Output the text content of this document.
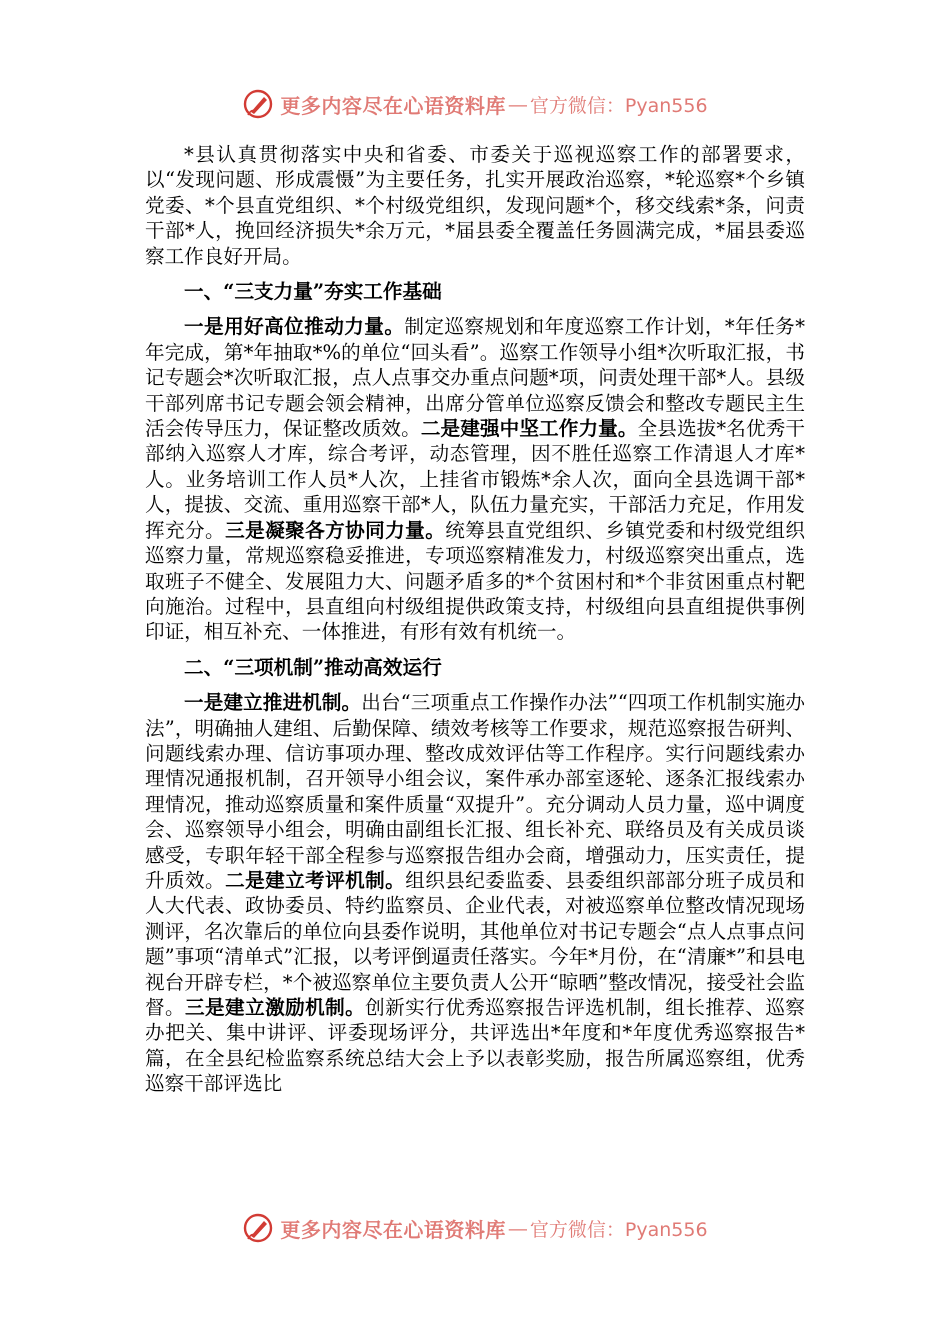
更多内容尽在心语资料库 — 官方微信：Pyan556

*县认真贯彻落实中央和省委、市委关于巡视巡察工作的部署要求，以“发现问题、形成震慑”为主要任务，扎实开展政治巡察，*轮巡察*个乡镇党委、*个县直党组织、*个村级党组织，发现问题*个，移交线索*条，问责干部*人，挽回经济损失*余万元，*届县委全覆盖任务圆满完成，*届县委巡察工作良好开局。

一、“三支力量”夯实工作基础

一是用好高位推动力量。制定巡察规划和年度巡察工作计划，*年任务*年完成，第*年抽取*%的单位“回头看”。巡察工作领导小组*次听取汇报，书记专题会*次听取汇报，点人点事交办重点问题*项，问责处理干部*人。县级干部列席书记专题会领会精神，出席分管单位巡察反馈会和整改专题民主生活会传导压力，保证整改质效。二是建强中坚工作力量。全县选拔*名优秀干部纳入巡察人才库，综合考评，动态管理，因不胜任巡察工作清退人才库*人。业务培训工作人员*人次，上挂省市锻炼*余人次，面向全县选调干部*人，提拔、交流、重用巡察干部*人，队伍力量充实，干部活力充足，作用发挥充分。三是凝聚各方协同力量。统筹县直党组织、乡镇党委和村级党组织巡察力量，常规巡察稳妥推进，专项巡察精准发力，村级巡察突出重点，选取班子不健全、发展阻力大、问题矛盾多的*个贫困村和*个非贫困重点村靶向施治。过程中，县直组向村级组提供政策支持，村级组向县直组提供事例印证，相互补充、一体推进，有形有效有机统一。

二、“三项机制”推动高效运行

一是建立推进机制。出台“三项重点工作操作办法”“四项工作机制实施办法”，明确抽人建组、后勤保障、绩效考核等工作要求，规范巡察报告研判、问题线索办理、信访事项办理、整改成效评估等工作程序。实行问题线索办理情况通报机制，召开领导小组会议，案件承办部室逐轮、逐条汇报线索办理情况，推动巡察质量和案件质量“双提升”。充分调动人员力量，巡中调度会、巡察领导小组会，明确由副组长汇报、组长补充、联络员及有关成员谈感受，专职年轻干部全程参与巡察报告组办会商，增强动力，压实责任，提升质效。二是建立考评机制。组织县纪委监委、县委组织部部分班子成员和人大代表、政协委员、特约监察员、企业代表，对被巡察单位整改情况现场测评，名次靠后的单位向县委作说明，其他单位对书记专题会“点人点事点问题”事项“清单式”汇报，以考评倒逼责任落实。今年*月份，在“清廉*”和县电视台开辟专栏，*个被巡察单位主要负责人公开“晾晒”整改情况，接受社会监督。三是建立激励机制。创新实行优秀巡察报告评选机制，组长推荐、巡察办把关、集中讲评、评委现场评分，共评选出*年度和*年度优秀巡察报告*篇，在全县纪检监察系统总结大会上予以表彰奖励，报告所属巡察组，优秀巡察干部评选比

更多内容尽在心语资料库 — 官方微信：Pyan556
